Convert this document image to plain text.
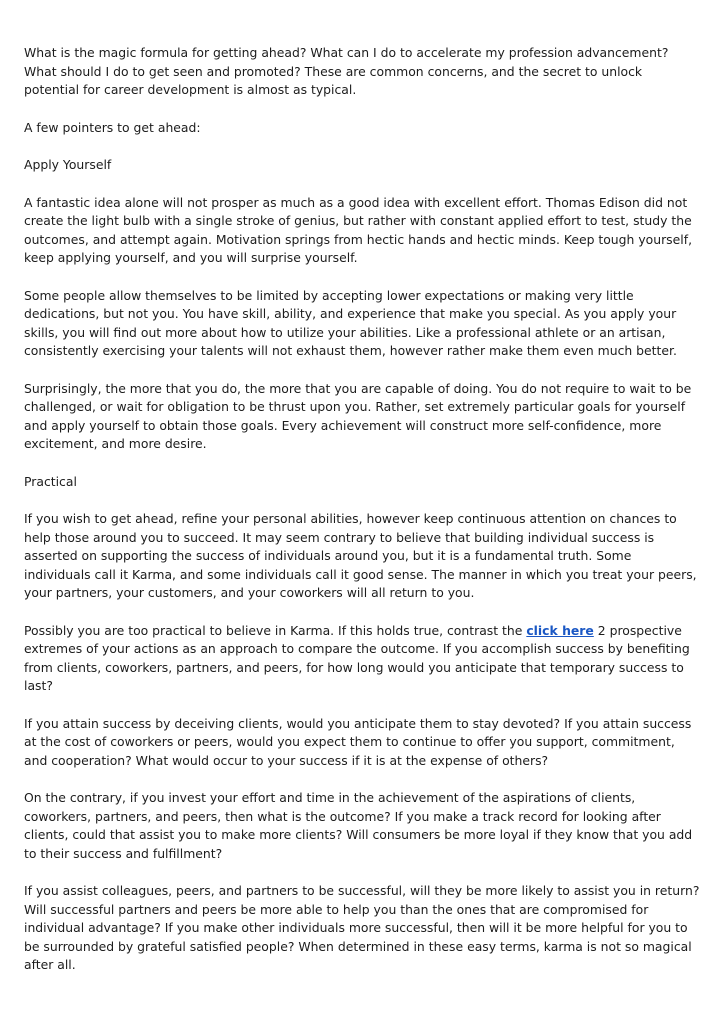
What is the magic formula for getting ahead? What can I do to accelerate my profession advancement? What should I do to get seen and promoted? These are common concerns, and the secret to unlock potential for career development is almost as typical.

A few pointers to get ahead:

Apply Yourself

A fantastic idea alone will not prosper as much as a good idea with excellent effort. Thomas Edison did not create the light bulb with a single stroke of genius, but rather with constant applied effort to test, study the outcomes, and attempt again. Motivation springs from hectic hands and hectic minds. Keep tough yourself, keep applying yourself, and you will surprise yourself.

Some people allow themselves to be limited by accepting lower expectations or making very little dedications, but not you. You have skill, ability, and experience that make you special. As you apply your skills, you will find out more about how to utilize your abilities. Like a professional athlete or an artisan, consistently exercising your talents will not exhaust them, however rather make them even much better.

Surprisingly, the more that you do, the more that you are capable of doing. You do not require to wait to be challenged, or wait for obligation to be thrust upon you. Rather, set extremely particular goals for yourself and apply yourself to obtain those goals. Every achievement will construct more self-confidence, more excitement, and more desire.

Practical

If you wish to get ahead, refine your personal abilities, however keep continuous attention on chances to help those around you to succeed. It may seem contrary to believe that building individual success is asserted on supporting the success of individuals around you, but it is a fundamental truth. Some individuals call it Karma, and some individuals call it good sense. The manner in which you treat your peers, your partners, your customers, and your coworkers will all return to you.

Possibly you are too practical to believe in Karma. If this holds true, contrast the click here 2 prospective extremes of your actions as an approach to compare the outcome. If you accomplish success by benefiting from clients, coworkers, partners, and peers, for how long would you anticipate that temporary success to last?

If you attain success by deceiving clients, would you anticipate them to stay devoted? If you attain success at the cost of coworkers or peers, would you expect them to continue to offer you support, commitment, and cooperation? What would occur to your success if it is at the expense of others?

On the contrary, if you invest your effort and time in the achievement of the aspirations of clients, coworkers, partners, and peers, then what is the outcome? If you make a track record for looking after clients, could that assist you to make more clients? Will consumers be more loyal if they know that you add to their success and fulfillment?

If you assist colleagues, peers, and partners to be successful, will they be more likely to assist you in return? Will successful partners and peers be more able to help you than the ones that are compromised for individual advantage? If you make other individuals more successful, then will it be more helpful for you to be surrounded by grateful satisfied people? When determined in these easy terms, karma is not so magical after all.
